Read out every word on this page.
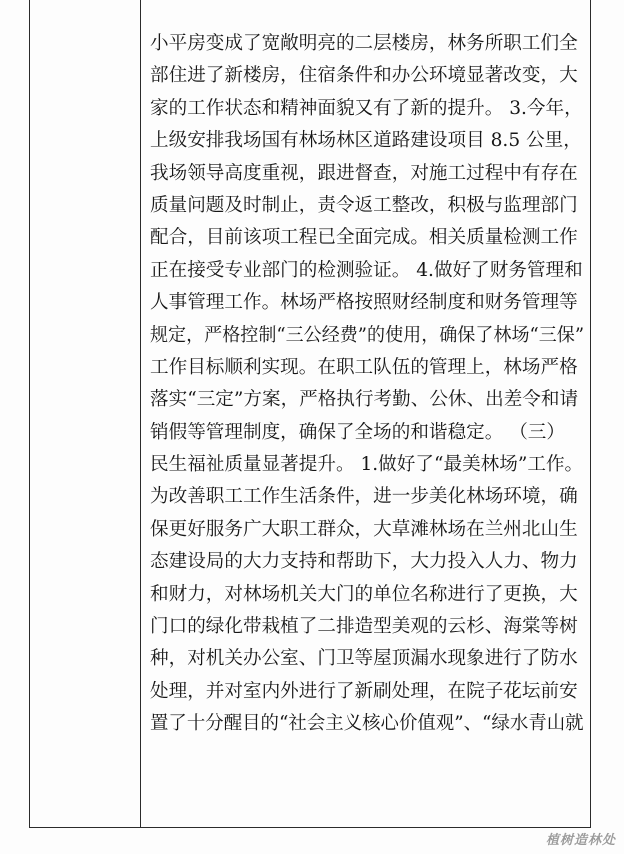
小平房变成了宽敞明亮的二层楼房，林务所职工们全
部住进了新楼房，住宿条件和办公环境显著改变，大
家的工作状态和精神面貌又有了新的提升。 3.今年，
上级安排我场国有林场林区道路建设项目 8.5 公里，
我场领导高度重视，跟进督查，对施工过程中有存在
质量问题及时制止，责令返工整改，积极与监理部门
配合，目前该项工程已全面完成。相关质量检测工作
正在接受专业部门的检测验证。 4.做好了财务管理和
人事管理工作。林场严格按照财经制度和财务管理等
规定，严格控制“三公经费”的使用，确保了林场“三保”
工作目标顺利实现。在职工队伍的管理上，林场严格
落实“三定”方案，严格执行考勤、公休、出差令和请
销假等管理制度，确保了全场的和谐稳定。 （三）
民生福祉质量显著提升。 1.做好了“最美林场”工作。
为改善职工工作生活条件，进一步美化林场环境，确
保更好服务广大职工群众，大草滩林场在兰州北山生
态建设局的大力支持和帮助下，大力投入人力、物力
和财力，对林场机关大门的单位名称进行了更换，大
门口的绿化带栽植了二排造型美观的云杉、海棠等树
种，对机关办公室、门卫等屋顶漏水现象进行了防水
处理，并对室内外进行了新刷处理，在院子花坛前安
置了十分醒目的“社会主义核心价值观”、“绿水青山就
植树造林处
